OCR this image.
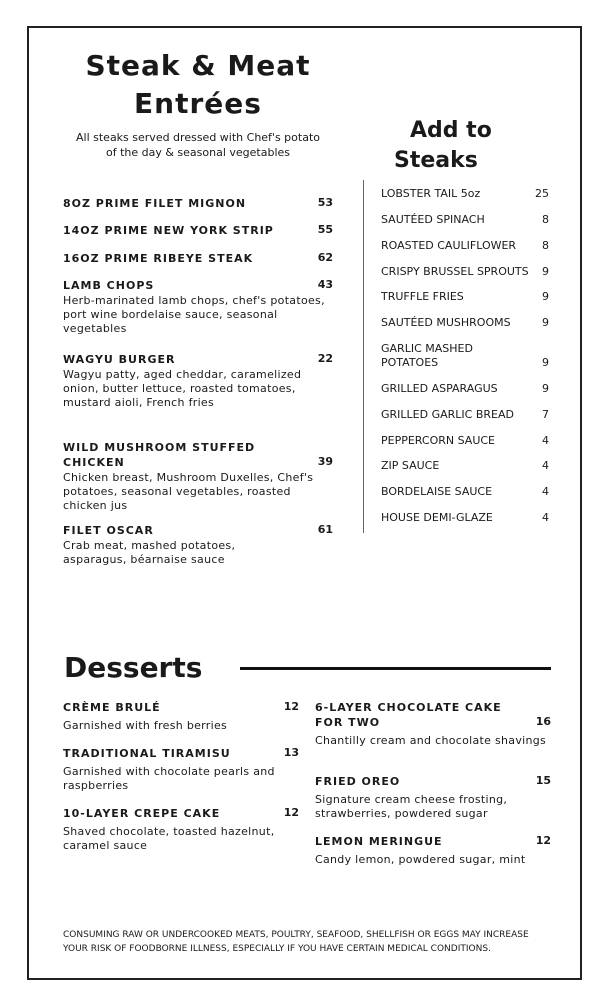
Steak & Meat
Entrées
All steaks served dressed with Chef's potato of the day & seasonal vegetables
53
8OZ PRIME FILET MIGNON
55
14OZ PRIME NEW YORK STRIP
62
16OZ PRIME RIBEYE STEAK
43
LAMB CHOPS
Herb-marinated lamb chops, chef's potatoes, port wine bordelaise sauce, seasonal vegetables
22
WAGYU BURGER
Wagyu patty, aged cheddar, caramelized onion, butter lettuce, roasted tomatoes, mustard aioli, French fries
39
WILD MUSHROOM STUFFED CHICKEN
Chicken breast, Mushroom Duxelles, Chef's potatoes, seasonal vegetables, roasted chicken jus
61
FILET OSCAR
Crab meat, mashed potatoes, asparagus, béarnaise sauce
Add to
Steaks
LOBSTER TAIL 5oz	25
SAUTÉED SPINACH	8
ROASTED CAULIFLOWER 8
CRISPY BRUSSEL SPROUTS 9
TRUFFLE FRIES	9
SAUTÉED MUSHROOMS	9
GARLIC MASHED POTATOES	9
GRILLED ASPARAGUS	9
GRILLED GARLIC BREAD	7
PEPPERCORN SAUCE	4
ZIP SAUCE	4
BORDELAISE SAUCE	4
HOUSE DEMI-GLAZE	4
Desserts
12
CRÈME BRULÉ
Garnished with fresh berries
13
TRADITIONAL TIRAMISU
Garnished with chocolate pearls and raspberries
12
10-LAYER CREPE CAKE
Shaved chocolate, toasted hazelnut, caramel sauce
16
6-LAYER CHOCOLATE CAKE FOR TWO
Chantilly cream and chocolate shavings
15
FRIED OREO
Signature cream cheese frosting, strawberries, powdered sugar
12
LEMON MERINGUE
Candy lemon, powdered sugar, mint
CONSUMING RAW OR UNDERCOOKED MEATS, POULTRY, SEAFOOD, SHELLFISH OR EGGS MAY INCREASE YOUR RISK OF FOODBORNE ILLNESS, ESPECIALLY IF YOU HAVE CERTAIN MEDICAL CONDITIONS.
